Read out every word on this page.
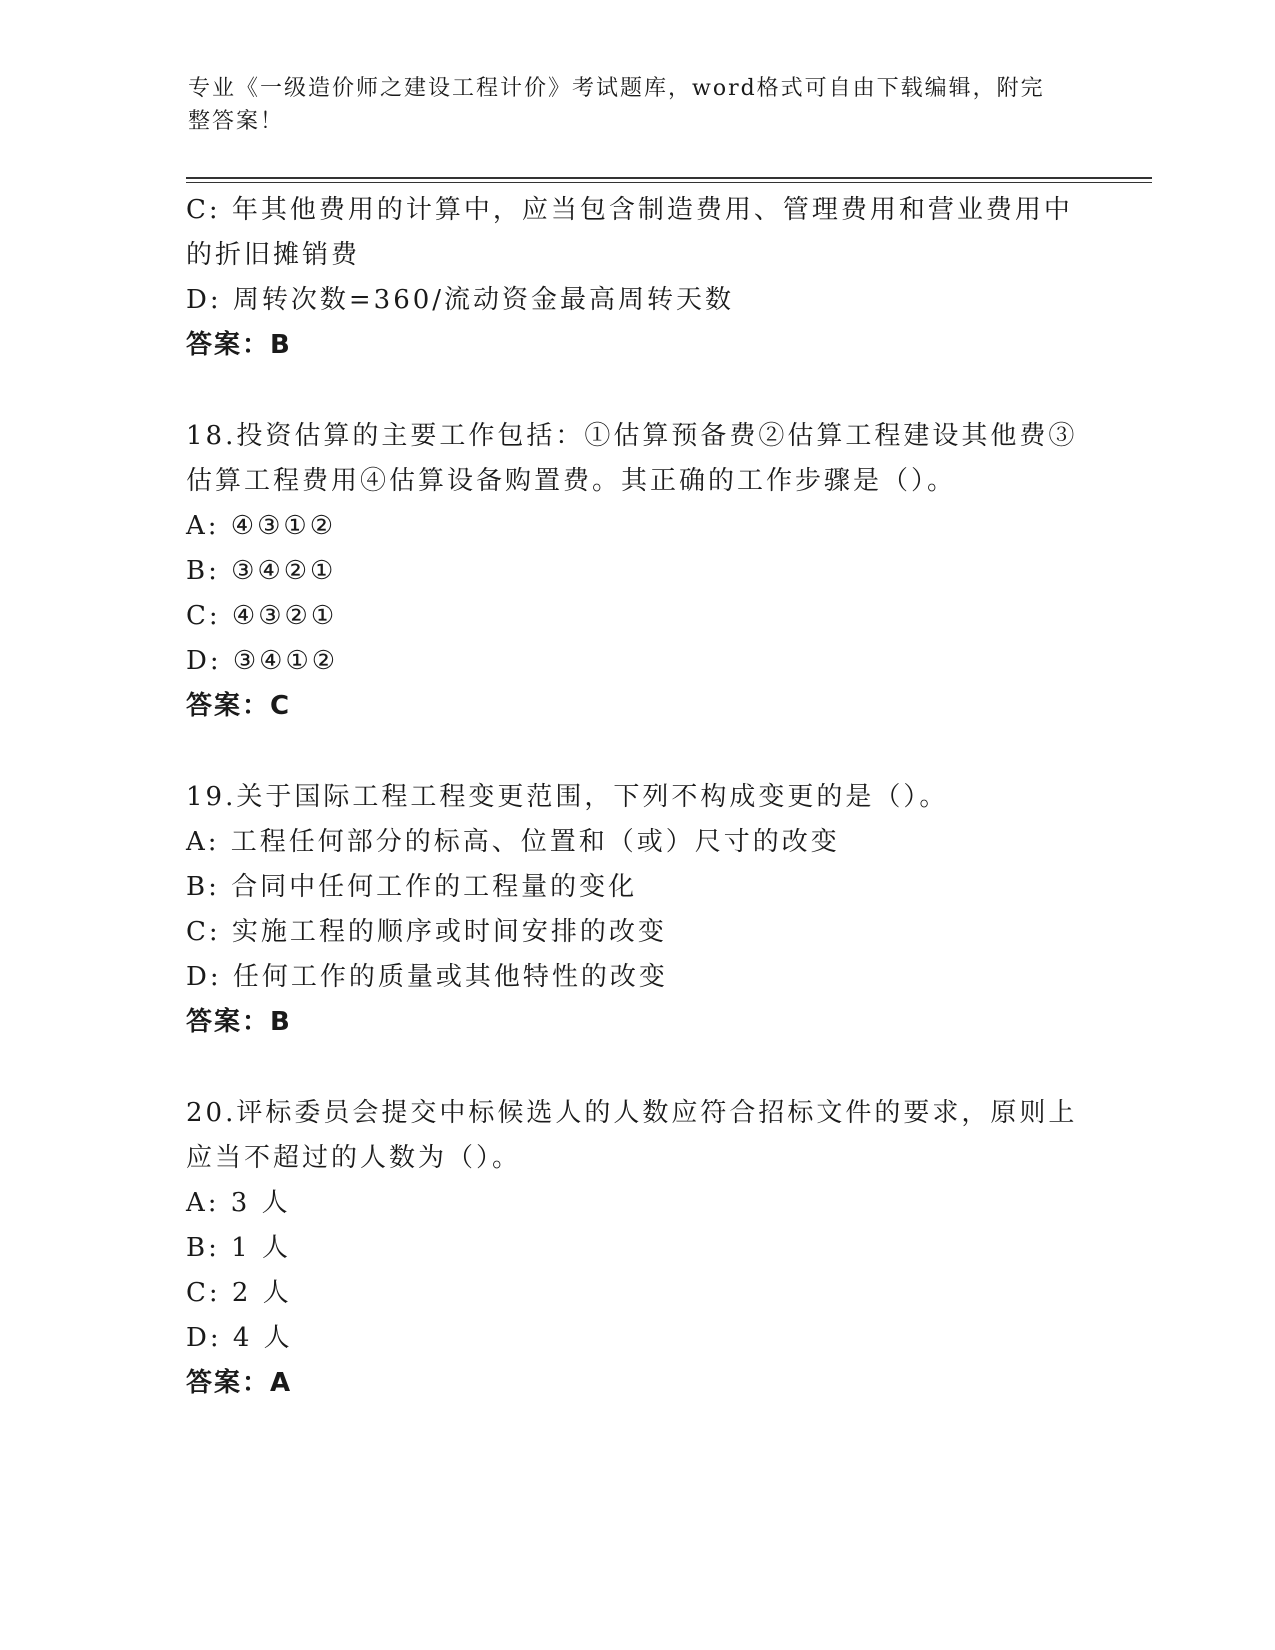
专业《一级造价师之建设工程计价》考试题库，word格式可自由下载编辑，附完
整答案！
C: 年其他费用的计算中，应当包含制造费用、管理费用和营业费用中
的折旧摊销费
D: 周转次数=360/流动资金最高周转天数
答案：B
18.投资估算的主要工作包括：①估算预备费②估算工程建设其他费③
估算工程费用④估算设备购置费。其正确的工作步骤是（）。
A: ④③①②
B: ③④②①
C: ④③②①
D: ③④①②
答案：C
19.关于国际工程工程变更范围，下列不构成变更的是（）。
A: 工程任何部分的标高、位置和（或）尺寸的改变
B: 合同中任何工作的工程量的变化
C: 实施工程的顺序或时间安排的改变
D: 任何工作的质量或其他特性的改变
答案：B
20.评标委员会提交中标候选人的人数应符合招标文件的要求，原则上
应当不超过的人数为（）。
A: 3 人
B: 1 人
C: 2 人
D: 4 人
答案：A
